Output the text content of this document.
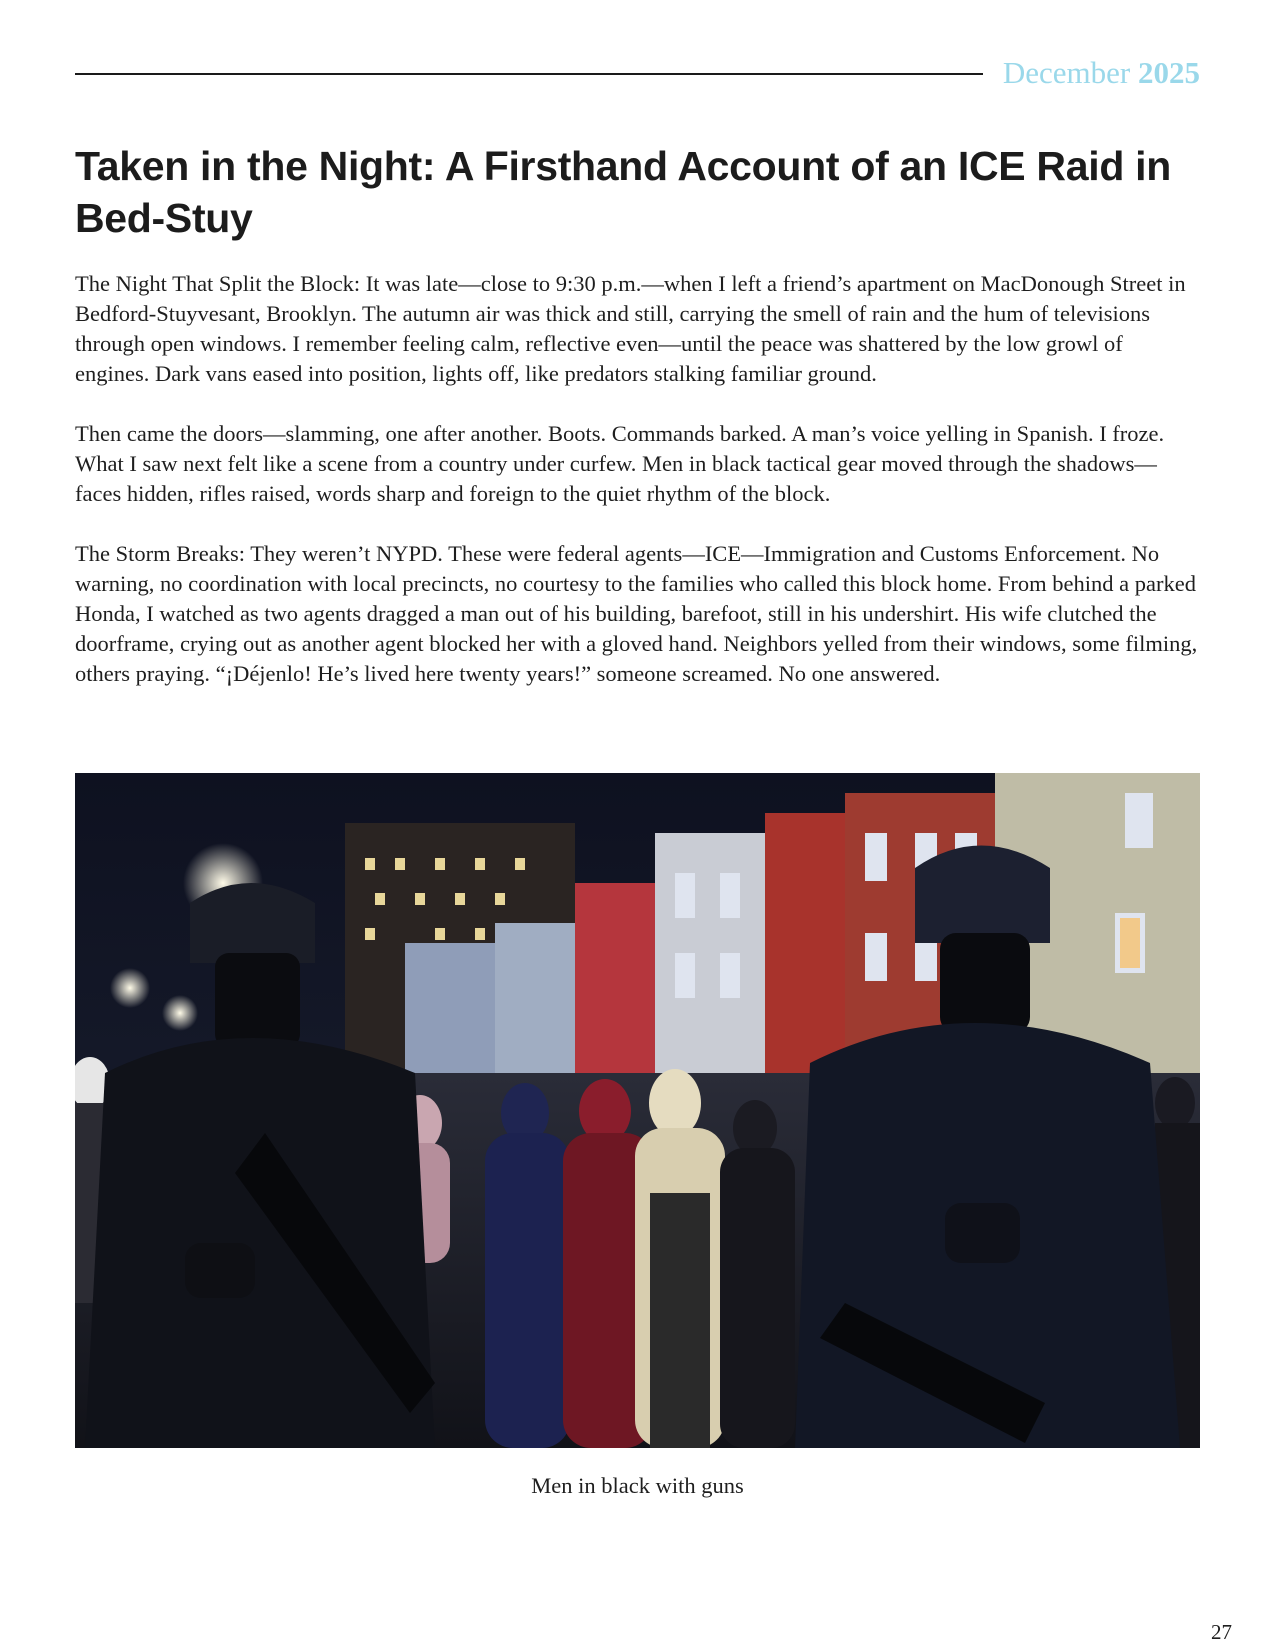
December 2025
Taken in the Night: A Firsthand Account of an ICE Raid in Bed-Stuy

The Night That Split the Block: It was late—close to 9:30 p.m.—when I left a friend’s apartment on MacDonough Street in Bedford-Stuyvesant, Brooklyn. The autumn air was thick and still, carrying the smell of rain and the hum of televisions through open windows. I remember feeling calm, reflective even—until the peace was shattered by the low growl of engines. Dark vans eased into position, lights off, like predators stalking familiar ground.

Then came the doors—slamming, one after another. Boots. Commands barked. A man’s voice yelling in Spanish. I froze. What I saw next felt like a scene from a country under curfew. Men in black tactical gear moved through the shadows—faces hidden, rifles raised, words sharp and foreign to the quiet rhythm of the block.

The Storm Breaks: They weren’t NYPD. These were federal agents—ICE—Immigration and Customs Enforcement. No warning, no coordination with local precincts, no courtesy to the families who called this block home. From behind a parked Honda, I watched as two agents dragged a man out of his building, barefoot, still in his undershirt. His wife clutched the doorframe, crying out as another agent blocked her with a gloved hand. Neighbors yelled from their windows, some filming, others praying. “¡Déjenlo! He’s lived here twenty years!” someone screamed. No one answered.

Men in black with guns
27
